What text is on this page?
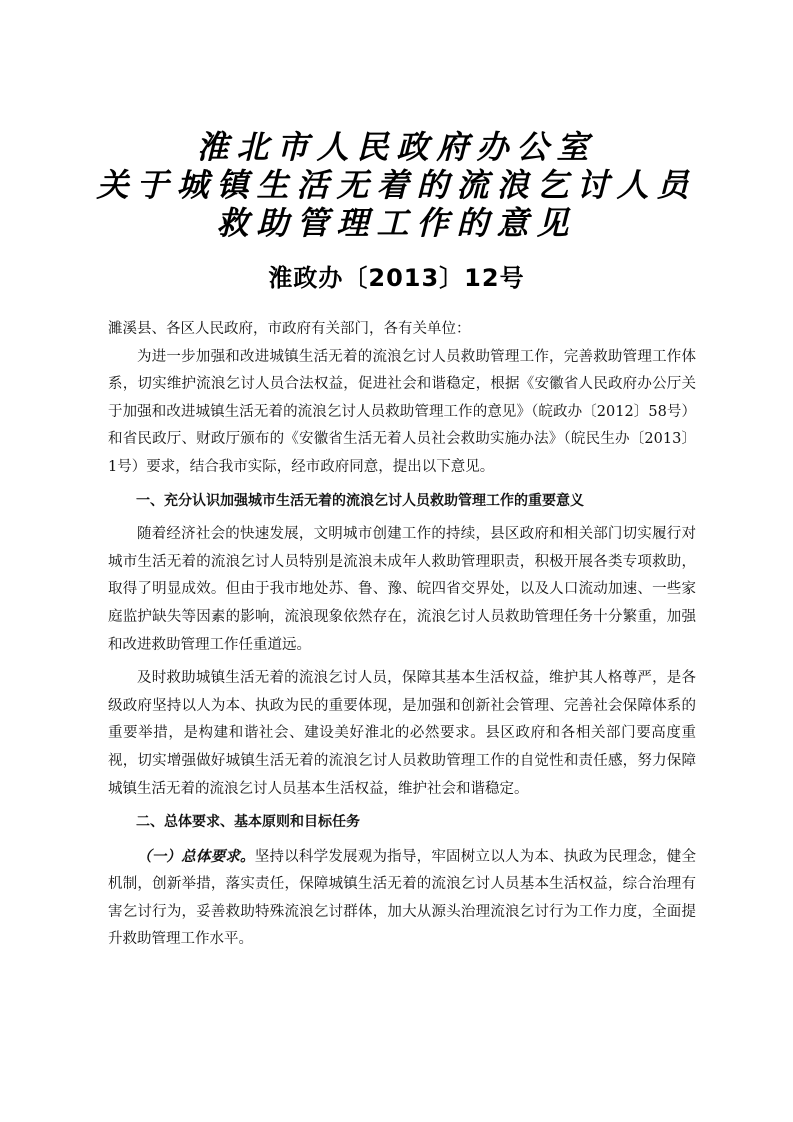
淮北市人民政府办公室

关于城镇生活无着的流浪乞讨人员

救助管理工作的意见

淮政办〔2013〕12号

濉溪县、各区人民政府，市政府有关部门，各有关单位：

为进一步加强和改进城镇生活无着的流浪乞讨人员救助管理工作，完善救助管理工作体系，切实维护流浪乞讨人员合法权益，促进社会和谐稳定，根据《安徽省人民政府办公厅关于加强和改进城镇生活无着的流浪乞讨人员救助管理工作的意见》（皖政办〔2012〕58号）和省民政厅、财政厅颁布的《安徽省生活无着人员社会救助实施办法》（皖民生办〔2013〕1号）要求，结合我市实际，经市政府同意，提出以下意见。

一、充分认识加强城市生活无着的流浪乞讨人员救助管理工作的重要意义

随着经济社会的快速发展，文明城市创建工作的持续，县区政府和相关部门切实履行对城市生活无着的流浪乞讨人员特别是流浪未成年人救助管理职责，积极开展各类专项救助，取得了明显成效。但由于我市地处苏、鲁、豫、皖四省交界处，以及人口流动加速、一些家庭监护缺失等因素的影响，流浪现象依然存在，流浪乞讨人员救助管理任务十分繁重，加强和改进救助管理工作任重道远。

及时救助城镇生活无着的流浪乞讨人员，保障其基本生活权益，维护其人格尊严，是各级政府坚持以人为本、执政为民的重要体现，是加强和创新社会管理、完善社会保障体系的重要举措，是构建和谐社会、建设美好淮北的必然要求。县区政府和各相关部门要高度重视，切实增强做好城镇生活无着的流浪乞讨人员救助管理工作的自觉性和责任感，努力保障城镇生活无着的流浪乞讨人员基本生活权益，维护社会和谐稳定。

二、总体要求、基本原则和目标任务

（一）总体要求。坚持以科学发展观为指导，牢固树立以人为本、执政为民理念，健全机制，创新举措，落实责任，保障城镇生活无着的流浪乞讨人员基本生活权益，综合治理有害乞讨行为，妥善救助特殊流浪乞讨群体，加大从源头治理流浪乞讨行为工作力度，全面提升救助管理工作水平。
